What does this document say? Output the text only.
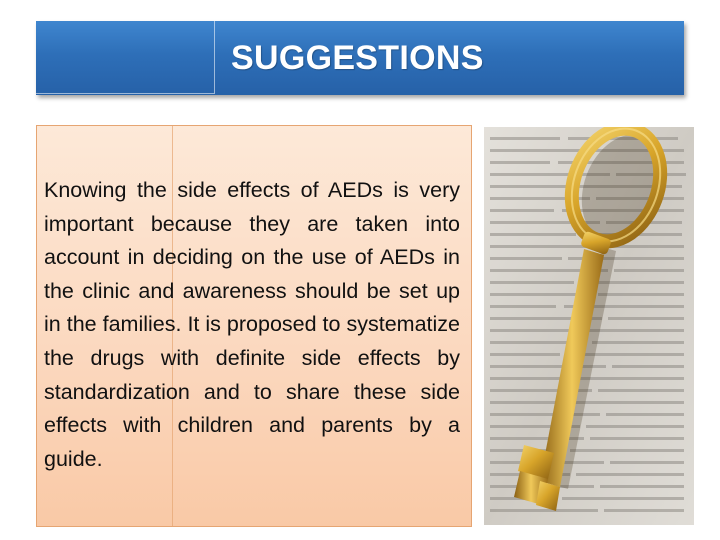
SUGGESTIONS

Knowing the side effects of AEDs is very important because they are taken into account in deciding on the use of AEDs in the clinic and awareness should be set up in the families. It is proposed to systematize the drugs with definite side effects by standardization and to share these side effects with children and parents by a guide.
